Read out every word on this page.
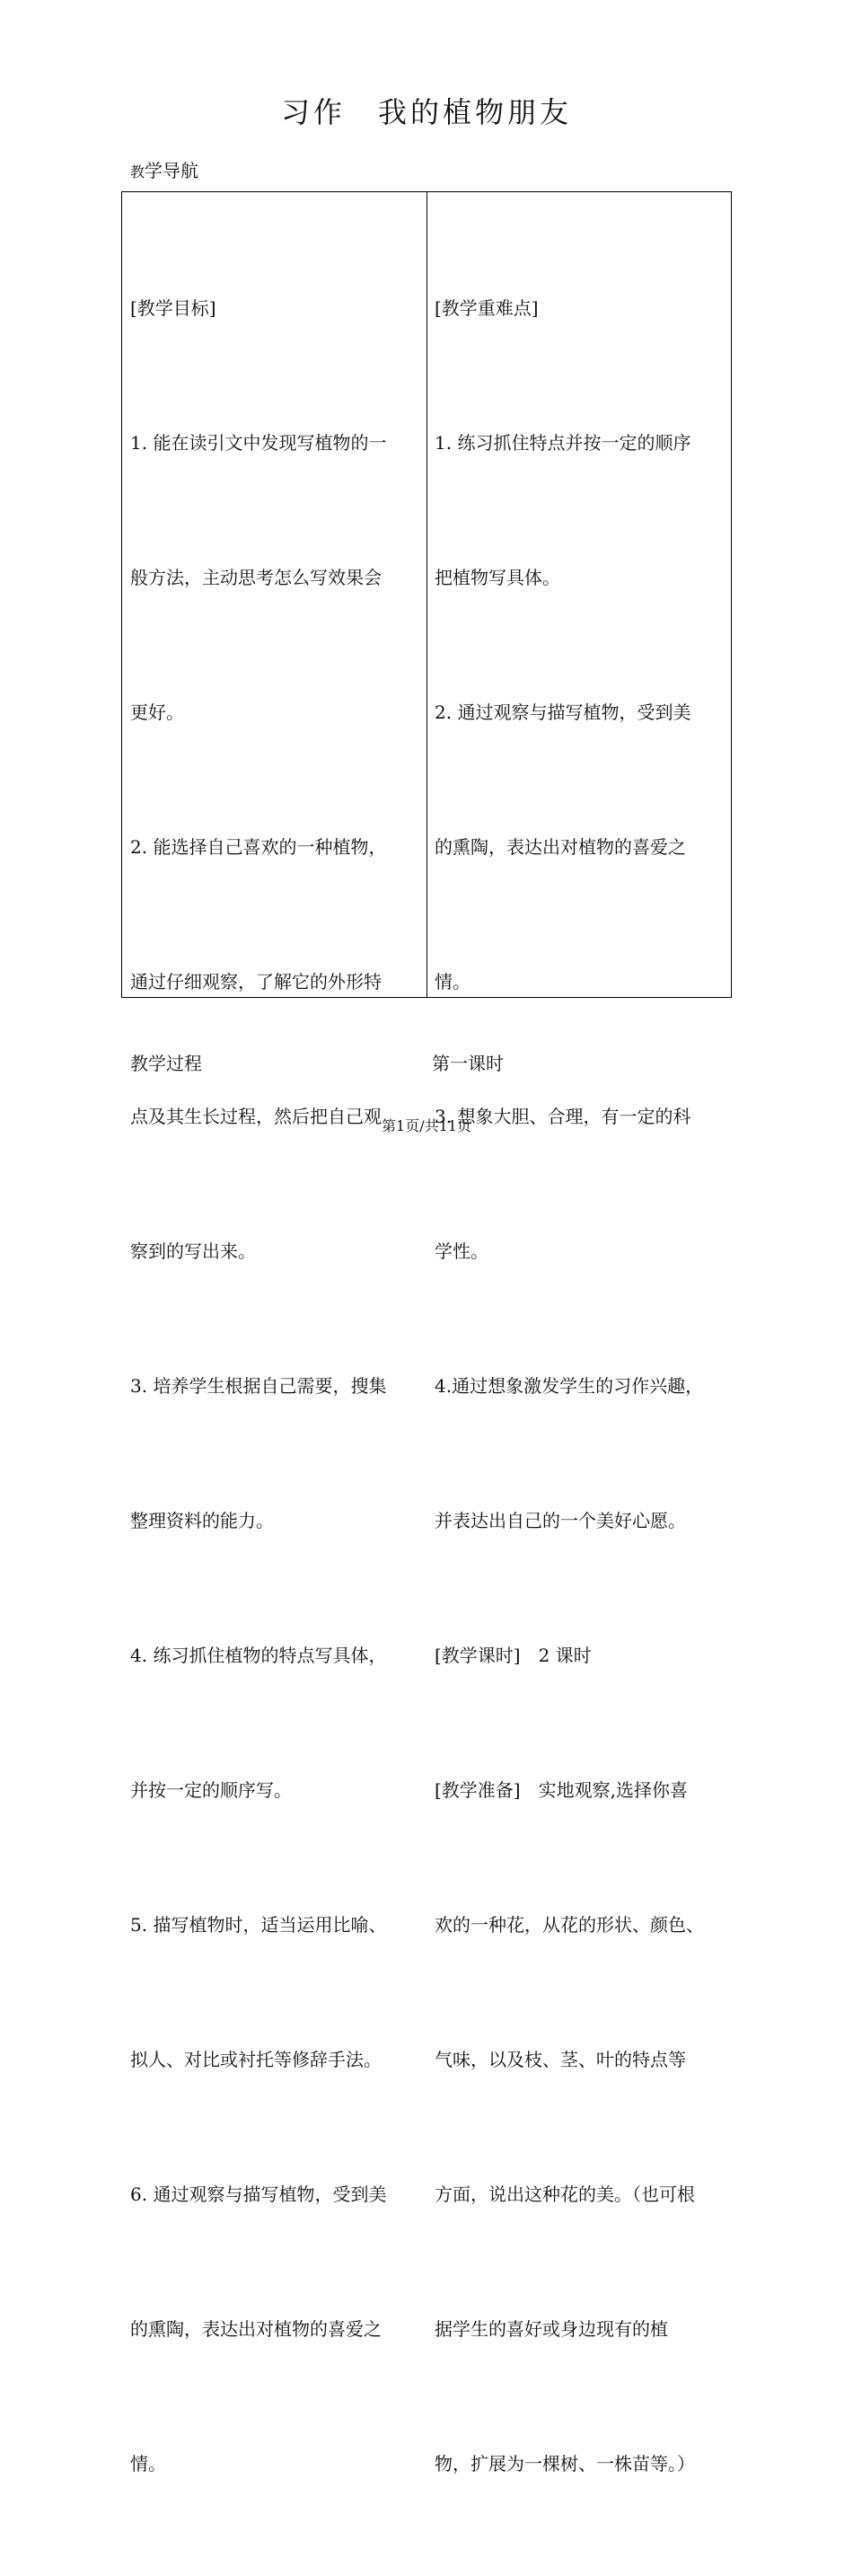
习作　我的植物朋友
教学导航

[教学目标]

1. 能在读引文中发现写植物的一

般方法，主动思考怎么写效果会

更好。

2. 能选择自己喜欢的一种植物，

通过仔细观察，了解它的外形特

点及其生长过程，然后把自己观

察到的写出来。

3. 培养学生根据自己需要，搜集

整理资料的能力。

4. 练习抓住植物的特点写具体，

并按一定的顺序写。

5. 描写植物时，适当运用比喻、

拟人、对比或衬托等修辞手法。

6. 通过观察与描写植物，受到美

的熏陶，表达出对植物的喜爱之

情。

[教学重难点]

1. 练习抓住特点并按一定的顺序

把植物写具体。

2. 通过观察与描写植物，受到美

的熏陶，表达出对植物的喜爱之

情。

3. 想象大胆、合理，有一定的科

学性。

4.通过想象激发学生的习作兴趣，

并表达出自己的一个美好心愿。

[教学课时]　2 课时

[教学准备]　实地观察,选择你喜

欢的一种花，从花的形状、颜色、

气味，以及枝、茎、叶的特点等

方面，说出这种花的美。（也可根

据学生的喜好或身边现有的植

物，扩展为一棵树、一株苗等。）

教学过程	第一课时
第1页/共11页
